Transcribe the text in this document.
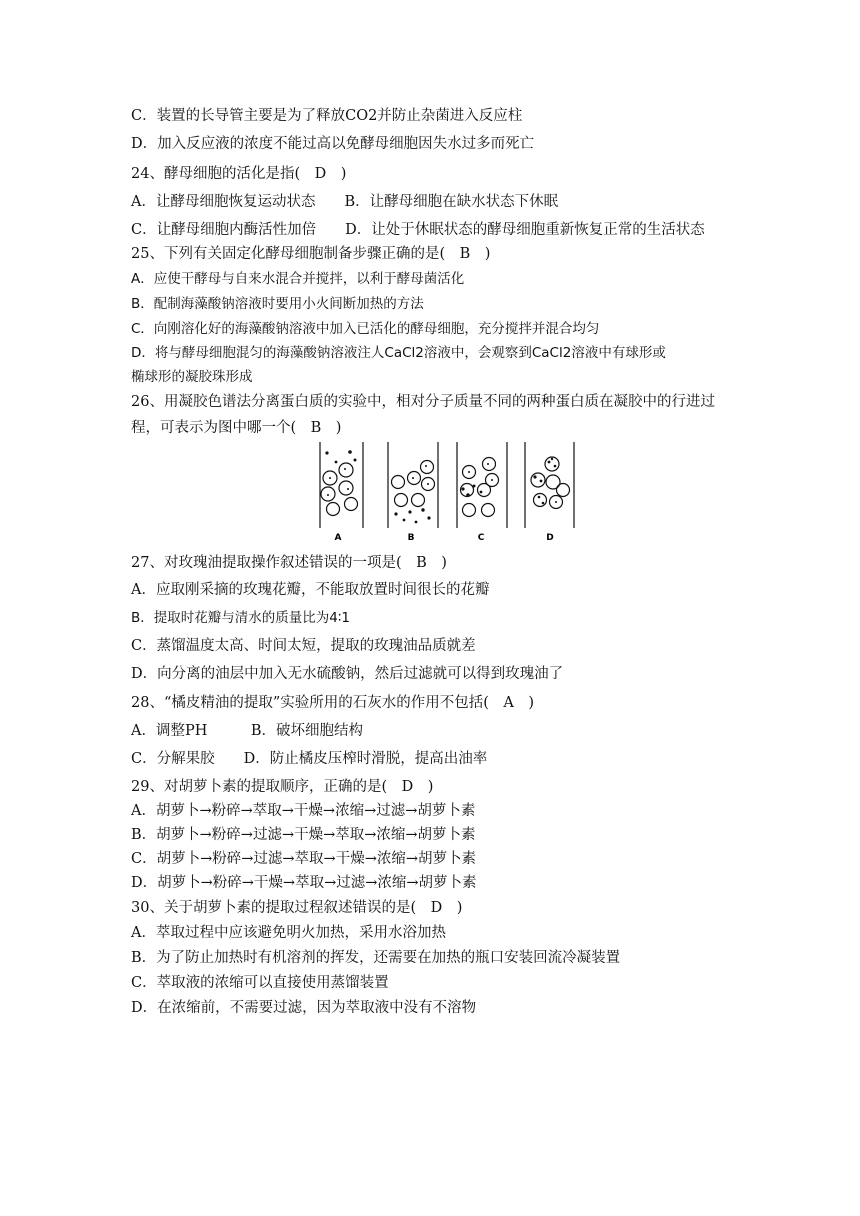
C．装置的长导管主要是为了释放CO2并防止杂菌进入反应柱
D．加入反应液的浓度不能过高以免酵母细胞因失水过多而死亡
24、酵母细胞的活化是指(　D　)
A．让酵母细胞恢复运动状态　　B．让酵母细胞在缺水状态下休眠
C．让酵母细胞内酶活性加倍　　D．让处于休眠状态的酵母细胞重新恢复正常的生活状态
25、下列有关固定化酵母细胞制备步骤正确的是(　B　)
A．应使干酵母与自来水混合并搅拌，以利于酵母菌活化
B．配制海藻酸钠溶液时要用小火间断加热的方法
C．向刚溶化好的海藻酸钠溶液中加入已活化的酵母细胞，充分搅拌并混合均匀
D．将与酵母细胞混匀的海藻酸钠溶液注人CaCl2溶液中，会观察到CaCl2溶液中有球形或
椭球形的凝胶珠形成
26、用凝胶色谱法分离蛋白质的实验中，相对分子质量不同的两种蛋白质在凝胶中的行进过
程，可表示为图中哪一个(　B　)
A	B	C	D
27、对玫瑰油提取操作叙述错误的一项是(　B　)
A．应取刚采摘的玫瑰花瓣，不能取放置时间很长的花瓣
B．提取时花瓣与清水的质量比为4∶1
C．蒸馏温度太高、时间太短，提取的玫瑰油品质就差
D．向分离的油层中加入无水硫酸钠，然后过滤就可以得到玫瑰油了
28、“橘皮精油的提取”实验所用的石灰水的作用不包括(　A　)
A．调整PH　　　B．破坏细胞结构
C．分解果胶　　D．防止橘皮压榨时滑脱，提高出油率
29、对胡萝卜素的提取顺序，正确的是(　D　)
A．胡萝卜→粉碎→萃取→干燥→浓缩→过滤→胡萝卜素
B．胡萝卜→粉碎→过滤→干燥→萃取→浓缩→胡萝卜素
C．胡萝卜→粉碎→过滤→萃取→干燥→浓缩→胡萝卜素
D．胡萝卜→粉碎→干燥→萃取→过滤→浓缩→胡萝卜素
30、关于胡萝卜素的提取过程叙述错误的是(　D　)
A．萃取过程中应该避免明火加热，采用水浴加热
B．为了防止加热时有机溶剂的挥发，还需要在加热的瓶口安装回流冷凝装置
C．萃取液的浓缩可以直接使用蒸馏装置
D．在浓缩前，不需要过滤，因为萃取液中没有不溶物
